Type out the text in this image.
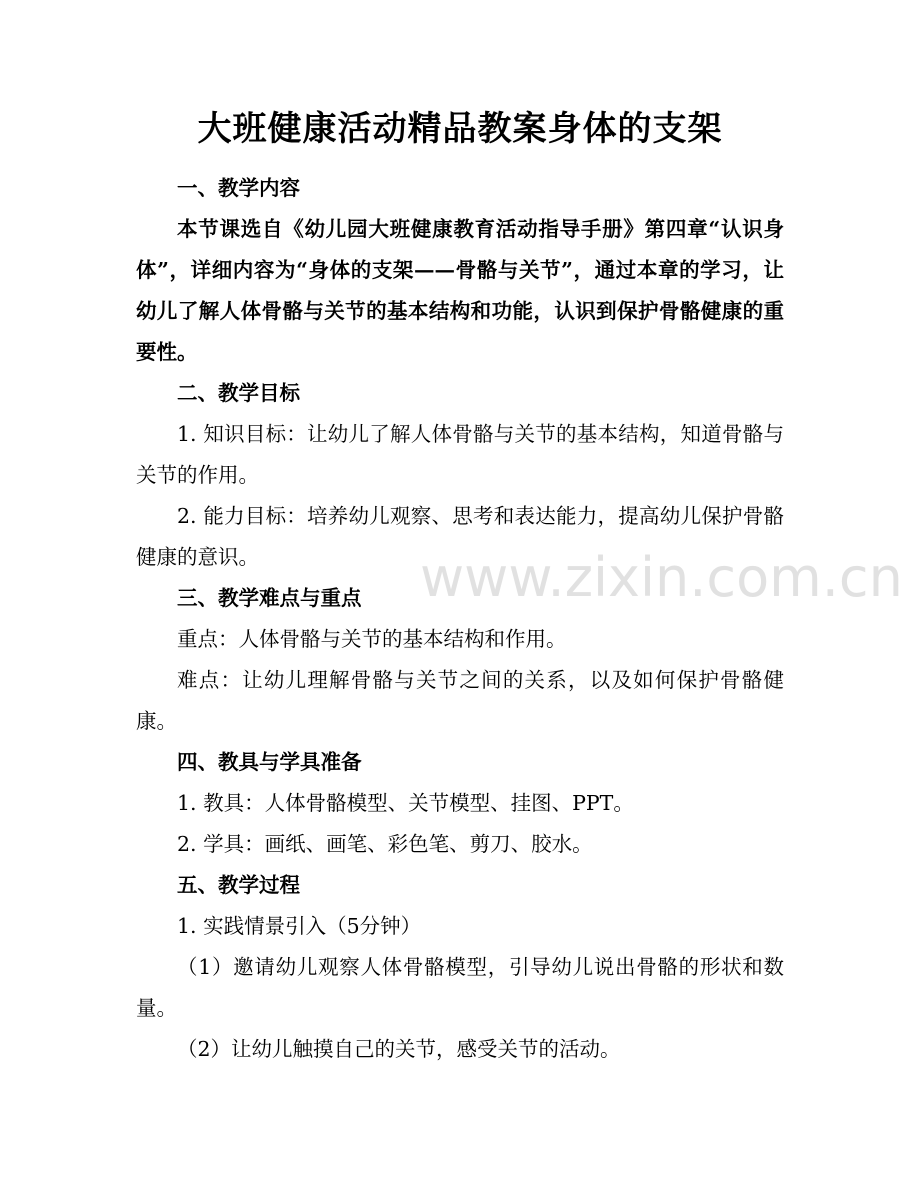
大班健康活动精品教案身体的支架

一、教学内容

本节课选自《幼儿园大班健康教育活动指导手册》第四章“认识身体”，详细内容为“身体的支架——骨骼与关节”，通过本章的学习，让幼儿了解人体骨骼与关节的基本结构和功能，认识到保护骨骼健康的重要性。

二、教学目标

1. 知识目标：让幼儿了解人体骨骼与关节的基本结构，知道骨骼与关节的作用。

2. 能力目标：培养幼儿观察、思考和表达能力，提高幼儿保护骨骼健康的意识。

三、教学难点与重点

重点：人体骨骼与关节的基本结构和作用。

难点：让幼儿理解骨骼与关节之间的关系，以及如何保护骨骼健康。

四、教具与学具准备

1. 教具：人体骨骼模型、关节模型、挂图、PPT。

2. 学具：画纸、画笔、彩色笔、剪刀、胶水。

五、教学过程

1. 实践情景引入（5分钟）

（1）邀请幼儿观察人体骨骼模型，引导幼儿说出骨骼的形状和数量。

（2）让幼儿触摸自己的关节，感受关节的活动。

www.zixin.com.cn
